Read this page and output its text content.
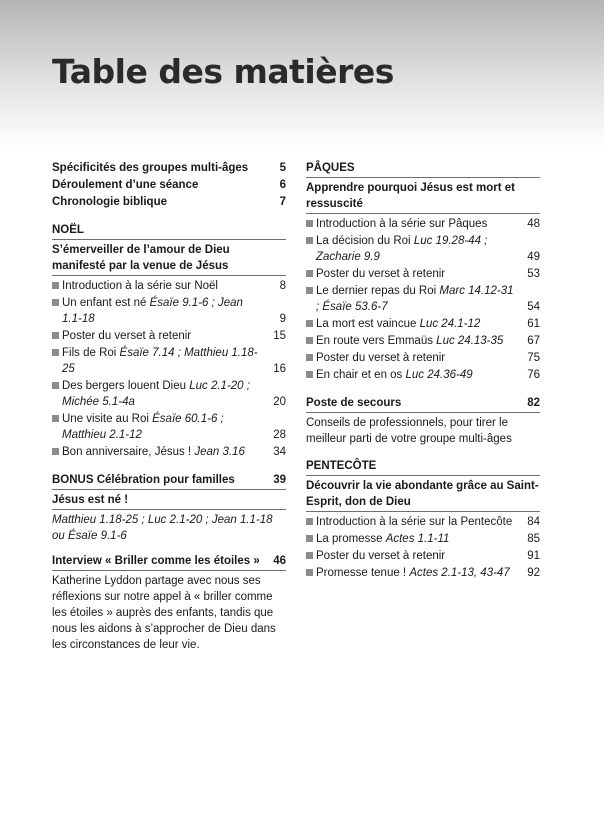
Table des matières
Spécificités des groupes multi-âges	5
Déroulement d’une séance	6
Chronologie biblique	7
NOËL
S’émerveiller de l’amour de Dieu manifesté par la venue de Jésus
Introduction à la série sur Noël	8
Un enfant est né Ésaïe 9.1-6 ; Jean 1.1-18	9
Poster du verset à retenir	15
Fils de Roi Ésaïe 7.14 ; Matthieu 1.18-25	16
Des bergers louent Dieu Luc 2.1-20 ; Michée 5.1-4a	20
Une visite au Roi Ésaïe 60.1-6 ; Matthieu 2.1-12	28
Bon anniversaire, Jésus ! Jean 3.16 34
BONUS Célébration pour familles	39
Jésus est né !
Matthieu 1.18-25 ; Luc 2.1-20 ; Jean 1.1-18 ou Ésaïe 9.1-6
Interview « Briller comme les étoiles » 46

Katherine Lyddon partage avec nous ses réflexions sur notre appel à « briller comme les étoiles » auprès des enfants, tandis que nous les aidons à s’approcher de Dieu dans les circonstances de leur vie.

PÂQUES
Apprendre pourquoi Jésus est mort et ressuscité
Introduction à la série sur Pâques	48
La décision du Roi Luc 19.28-44 ; Zacharie 9.9	49
Poster du verset à retenir	53
Le dernier repas du Roi Marc 14.12-31 ; Ésaïe 53.6-7	54
La mort est vaincue Luc 24.1-12	61
En route vers Emmaüs Luc 24.13-35 67
Poster du verset à retenir	75
En chair et en os Luc 24.36-49	76
Poste de secours	82

Conseils de professionnels, pour tirer le meilleur parti de votre groupe multi-âges

PENTECÔTE
Découvrir la vie abondante grâce au Saint-Esprit, don de Dieu
Introduction à la série sur la Pentecôte 84
La promesse Actes 1.1-11	85
Poster du verset à retenir	91
Promesse tenue ! Actes 2.1-13, 43-47 92
